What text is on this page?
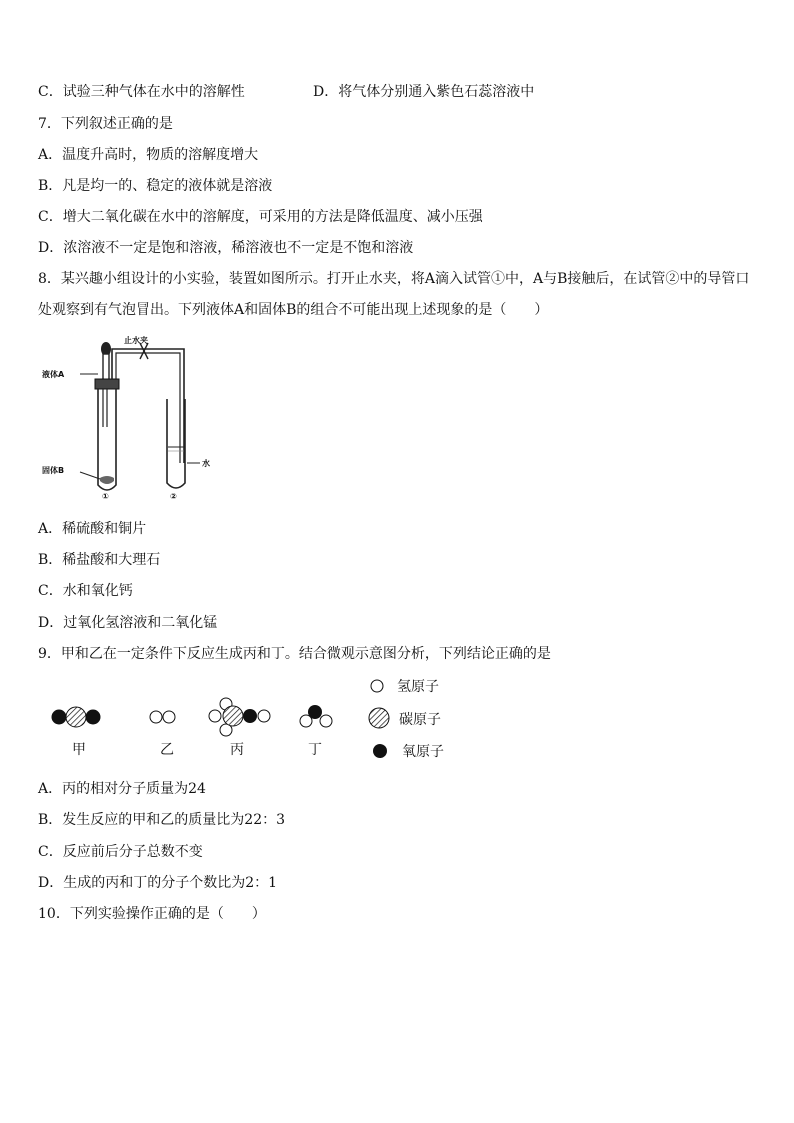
C．试验三种气体在水中的溶解性	D．将气体分别通入紫色石蕊溶液中
7．下列叙述正确的是
A．温度升高时，物质的溶解度增大
B．凡是均一的、稳定的液体就是溶液
C．增大二氧化碳在水中的溶解度，可采用的方法是降低温度、减小压强
D．浓溶液不一定是饱和溶液，稀溶液也不一定是不饱和溶液
8．某兴趣小组设计的小实验，装置如图所示。打开止水夹，将A滴入试管①中，A与B接触后，在试管②中的导管口处观察到有气泡冒出。下列液体A和固体B的组合不可能出现上述现象的是（　　）
止水夹
液体A
固体B
水
①	②
A．稀硫酸和铜片
B．稀盐酸和大理石
C．水和氧化钙
D．过氧化氢溶液和二氧化锰
9．甲和乙在一定条件下反应生成丙和丁。结合微观示意图分析，下列结论正确的是
甲	乙	丙	丁
氢原子
碳原子
氧原子
A．丙的相对分子质量为24
B．发生反应的甲和乙的质量比为22：3
C．反应前后分子总数不变
D．生成的丙和丁的分子个数比为2：1
10．下列实验操作正确的是（　　）
